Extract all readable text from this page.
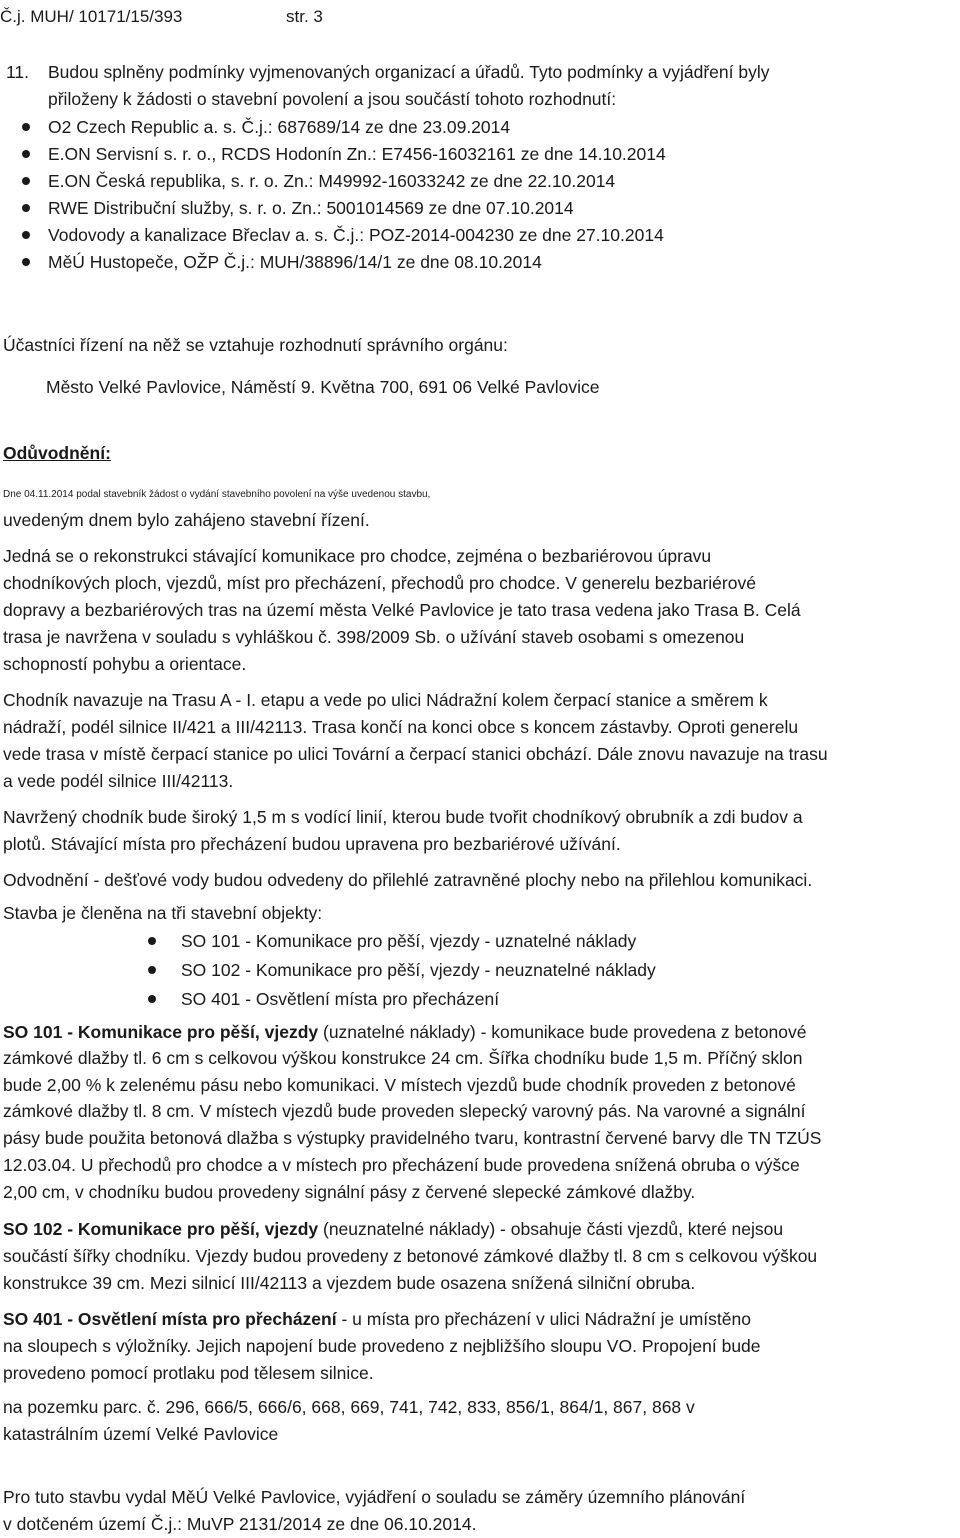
Č.j. MUH/ 10171/15/393	str. 3
11. Budou splněny podmínky vyjmenovaných organizací a úřadů. Tyto podmínky a vyjádření byly
přiloženy k žádosti o stavební povolení a jsou součástí tohoto rozhodnutí:
O2 Czech Republic a. s. Č.j.: 687689/14 ze dne 23.09.2014
E.ON Servisní s. r. o., RCDS Hodonín Zn.: E7456-16032161 ze dne 14.10.2014
E.ON Česká republika, s. r. o. Zn.: M49992-16033242 ze dne 22.10.2014
RWE Distribuční služby, s. r. o. Zn.: 5001014569 ze dne 07.10.2014
Vodovody a kanalizace Břeclav a. s. Č.j.: POZ-2014-004230 ze dne 27.10.2014
MěÚ Hustopeče, OŽP Č.j.: MUH/38896/14/1 ze dne 08.10.2014
Účastníci řízení na něž se vztahuje rozhodnutí správního orgánu:
Město Velké Pavlovice, Náměstí 9. Května 700, 691 06 Velké Pavlovice
Odůvodnění:
Dne 04.11.2014 podal stavebník žádost o vydání stavebního povolení na výše uvedenou stavbu,
uvedeným dnem bylo zahájeno stavební řízení.
Jedná se o rekonstrukci stávající komunikace pro chodce, zejména o bezbariérovou úpravu
chodníkových ploch, vjezdů, míst pro přecházení, přechodů pro chodce. V generelu bezbariérové
dopravy a bezbariérových tras na území města Velké Pavlovice je tato trasa vedena jako Trasa B. Celá
trasa je navržena v souladu s vyhláškou č. 398/2009 Sb. o užívání staveb osobami s omezenou
schopností pohybu a orientace.
Chodník navazuje na Trasu A - I. etapu a vede po ulici Nádražní kolem čerpací stanice a směrem k
nádraží, podél silnice II/421 a III/42113. Trasa končí na konci obce s koncem zástavby. Oproti generelu
vede trasa v místě čerpací stanice po ulici Tovární a čerpací stanici obchází. Dále znovu navazuje na trasu
a vede podél silnice III/42113.
Navržený chodník bude široký 1,5 m s vodící linií, kterou bude tvořit chodníkový obrubník a zdi budov a
plotů. Stávající místa pro přecházení budou upravena pro bezbariérové užívání.
Odvodnění - dešťové vody budou odvedeny do přilehlé zatravněné plochy nebo na přilehlou komunikaci.
Stavba je členěna na tři stavební objekty:
SO 101 - Komunikace pro pěší, vjezdy - uznatelné náklady
SO 102 - Komunikace pro pěší, vjezdy - neuznatelné náklady
SO 401 - Osvětlení místa pro přecházení
SO 101 - Komunikace pro pěší, vjezdy (uznatelné náklady) - komunikace bude provedena z betonové
zámkové dlažby tl. 6 cm s celkovou výškou konstrukce 24 cm. Šířka chodníku bude 1,5 m. Příčný sklon
bude 2,00 % k zelenému pásu nebo komunikaci. V místech vjezdů bude chodník proveden z betonové
zámkové dlažby tl. 8 cm. V místech vjezdů bude proveden slepecký varovný pás. Na varovné a signální
pásy bude použita betonová dlažba s výstupky pravidelného tvaru, kontrastní červené barvy dle TN TZÚS
12.03.04. U přechodů pro chodce a v místech pro přecházení bude provedena snížená obruba o výšce
2,00 cm, v chodníku budou provedeny signální pásy z červené slepecké zámkové dlažby.
SO 102 - Komunikace pro pěší, vjezdy (neuznatelné náklady) - obsahuje části vjezdů, které nejsou
součástí šířky chodníku. Vjezdy budou provedeny z betonové zámkové dlažby tl. 8 cm s celkovou výškou
konstrukce 39 cm. Mezi silnicí III/42113 a vjezdem bude osazena snížená silniční obruba.
SO 401 - Osvětlení místa pro přecházení - u místa pro přecházení v ulici Nádražní je umístěno
na sloupech s výložníky. Jejich napojení bude provedeno z nejbližšího sloupu VO. Propojení bude
provedeno pomocí protlaku pod tělesem silnice.
na pozemku parc. č. 296, 666/5, 666/6, 668, 669, 741, 742, 833, 856/1, 864/1, 867, 868 v
katastrálním území Velké Pavlovice
Pro tuto stavbu vydal MěÚ Velké Pavlovice, vyjádření o souladu se záměry územního plánování
v dotčeném území Č.j.: MuVP 2131/2014 ze dne 06.10.2014.
